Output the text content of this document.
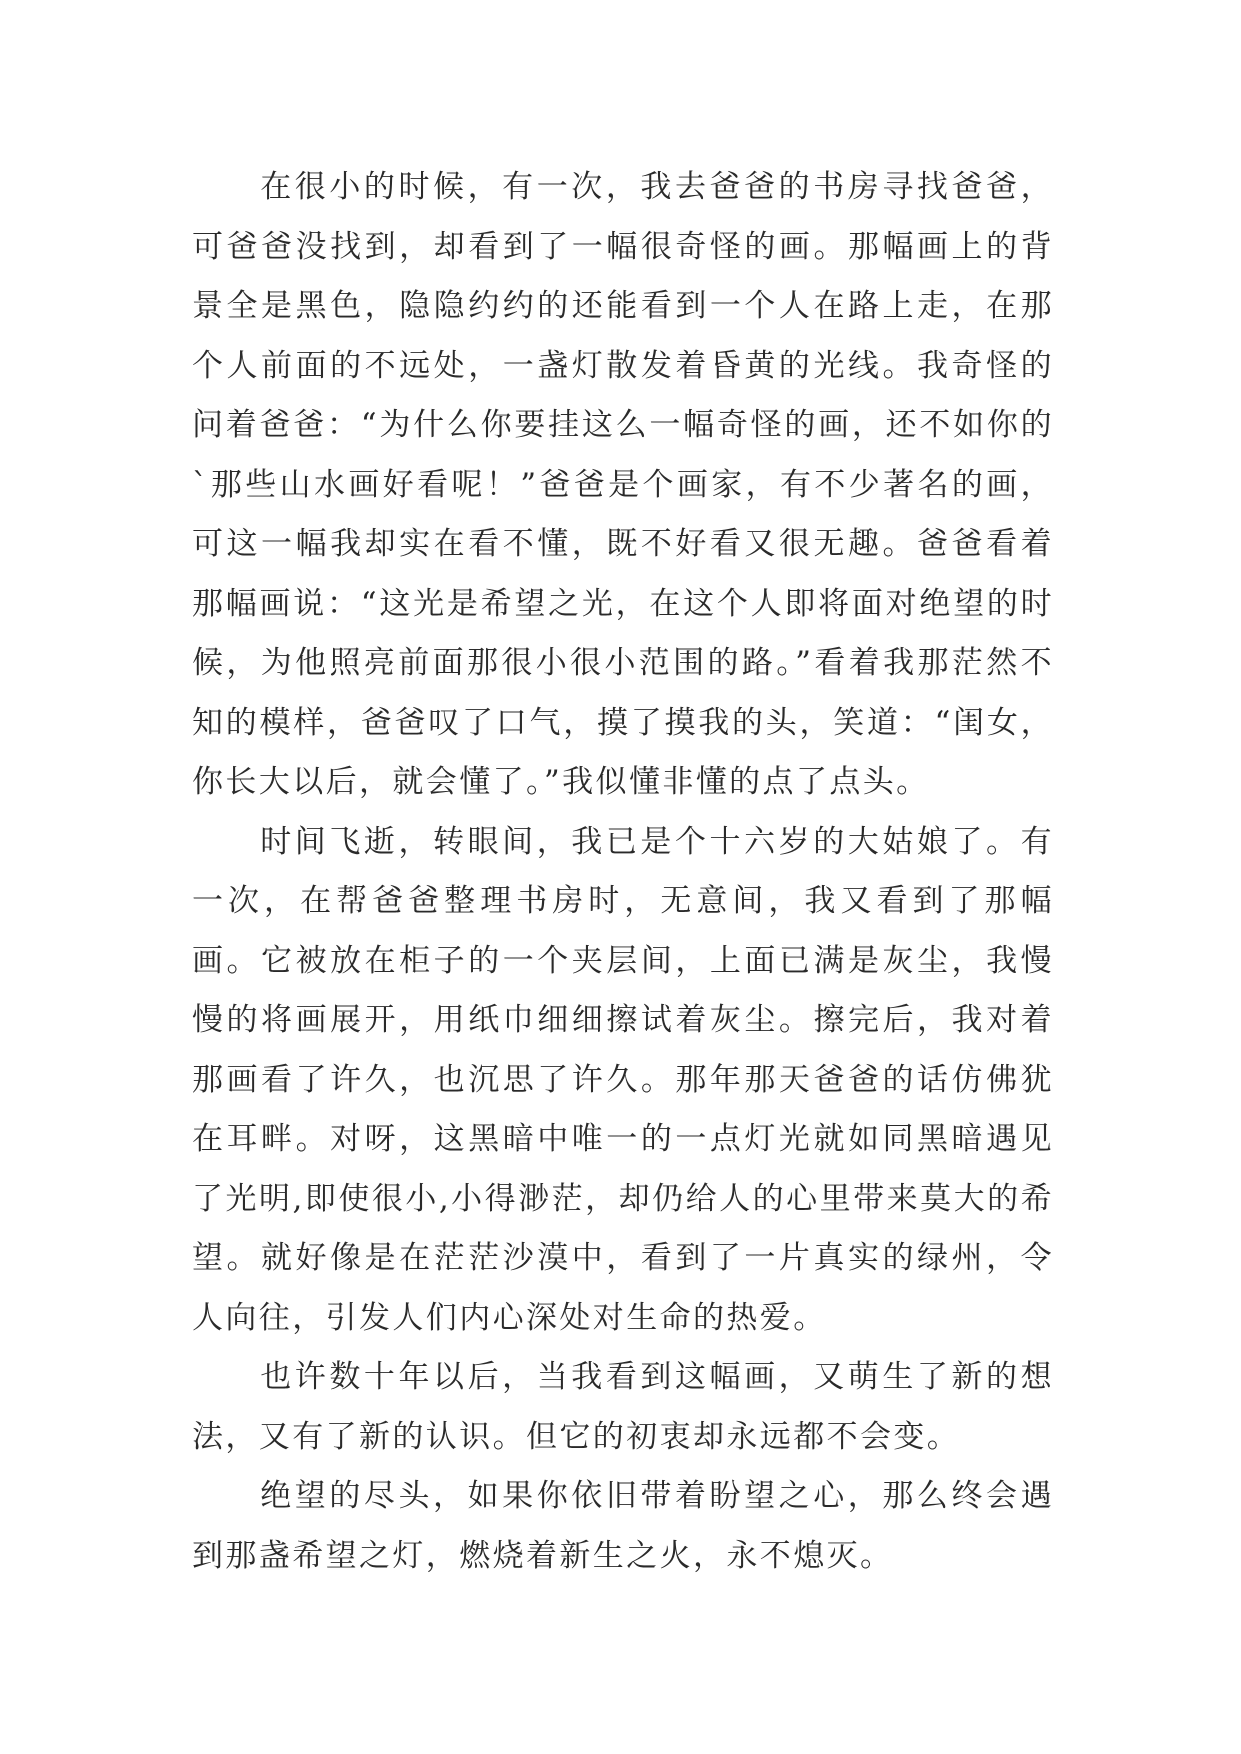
在很小的时候，有一次，我去爸爸的书房寻找爸爸，可爸爸没找到，却看到了一幅很奇怪的画。那幅画上的背景全是黑色，隐隐约约的还能看到一个人在路上走，在那个人前面的不远处，一盏灯散发着昏黄的光线。我奇怪的问着爸爸：“为什么你要挂这么一幅奇怪的画，还不如你的`那些山水画好看呢！”爸爸是个画家，有不少著名的画，可这一幅我却实在看不懂，既不好看又很无趣。爸爸看着那幅画说：“这光是希望之光，在这个人即将面对绝望的时候，为他照亮前面那很小很小范围的路。”看着我那茫然不知的模样，爸爸叹了口气，摸了摸我的头，笑道：“闺女，你长大以后，就会懂了。”我似懂非懂的点了点头。

时间飞逝，转眼间，我已是个十六岁的大姑娘了。有一次，在帮爸爸整理书房时，无意间，我又看到了那幅画。它被放在柜子的一个夹层间，上面已满是灰尘，我慢慢的将画展开，用纸巾细细擦试着灰尘。擦完后，我对着那画看了许久，也沉思了许久。那年那天爸爸的话仿佛犹在耳畔。对呀，这黑暗中唯一的一点灯光就如同黑暗遇见了光明,即使很小,小得渺茫，却仍给人的心里带来莫大的希望。就好像是在茫茫沙漠中，看到了一片真实的绿州，令人向往，引发人们内心深处对生命的热爱。

也许数十年以后，当我看到这幅画，又萌生了新的想法，又有了新的认识。但它的初衷却永远都不会变。

绝望的尽头，如果你依旧带着盼望之心，那么终会遇到那盏希望之灯，燃烧着新生之火，永不熄灭。
